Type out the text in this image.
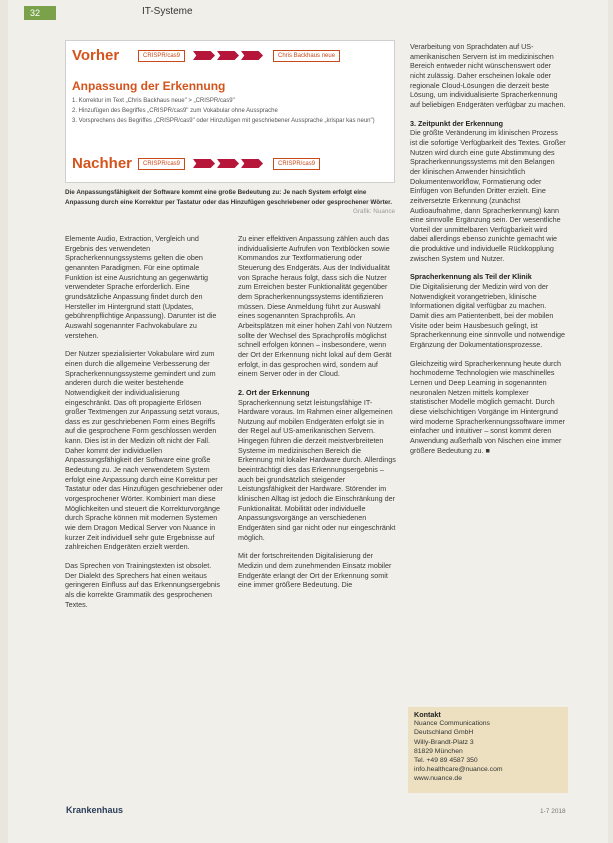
32	IT-Systeme
Vorher	CRISPR/cas9	Chris Backhaus neue
Anpassung der Erkennung
1. Korrektur im Text „Chris Backhaus neue" > „CRISPR/cas9"
2. Hinzufügen des Begriffes „CRISPR/cas9" zum Vokabular ohne Aussprache
3. Vorsprechens des Begriffes „CRISPR/cas9" oder Hinzufügen mit geschriebener Aussprache „krispar kas neun")
Nachher	CRISPR/cas9	CRISPR/cas9
Die Anpassungsfähigkeit der Software kommt eine große Bedeutung zu: Je nach System erfolgt eine Anpassung durch eine Korrektur per Tastatur oder das Hinzufügen geschriebener oder gesprochener Wörter.
Grafik: Nuance

Elemente Audio, Extraction, Vergleich und Ergebnis des verwendeten Spracherkennungssystems gelten die oben genannten Paradigmen. Für eine optimale Funktion ist eine Ausrichtung an gegenwärtig verwendeter Sprache erforderlich. Eine grundsätzliche Anpassung findet durch den Hersteller im Hintergrund statt (Updates, gebührenpflichtige Anpassung). Darunter ist die Auswahl sogenannter Fachvokabulare zu verstehen.

Der Nutzer spezialisierter Vokabulare wird zum einen durch die allgemeine Verbesserung der Spracherkennungssysteme gemindert und zum anderen durch die weiter bestehende Notwendigkeit der individualisierung eingeschränkt. Das oft propagierte Erlösen großer Textmengen zur Anpassung setzt voraus, dass es zur geschriebenen Form eines Begriffs auf die gesprochene Form geschlossen werden kann. Dies ist in der Medizin oft nicht der Fall. Daher kommt der individuellen Anpassungsfähigkeit der Software eine große Bedeutung zu. Je nach verwendetem System erfolgt eine Anpassung durch eine Korrektur per Tastatur oder das Hinzufügen geschriebener oder vorgesprochener Wörter. Kombiniert man diese Möglichkeiten und steuert die Korrekturvorgänge durch Sprache können mit modernen Systemen wie dem Dragon Medical Server von Nuance in kurzer Zeit individuell sehr gute Ergebnisse auf zahlreichen Endgeräten erzielt werden.

Das Sprechen von Trainingstexten ist obsolet. Der Dialekt des Sprechers hat einen weitaus geringeren Einfluss auf das Erkennungsergebnis als die korrekte Grammatik des gesprochenen Textes.

Zu einer effektiven Anpassung zählen auch das individualisierte Aufrufen von Textblöcken sowie Kommandos zur Textformatierung oder Steuerung des Endgeräts. Aus der Individualität von Sprache heraus folgt, dass sich die Nutzer zum Erreichen bester Funktionalität gegenüber dem Spracherkennungssystems identifizieren müssen. Diese Anmeldung führt zur Auswahl eines sogenannten Sprachprofils. An Arbeitsplätzen mit einer hohen Zahl von Nutzern sollte der Wechsel des Sprachprofils möglichst schnell erfolgen können – insbesondere, wenn der Ort der Erkennung nicht lokal auf dem Gerät erfolgt, in das gesprochen wird, sondern auf einem Server oder in der Cloud.

2. Ort der Erkennung

Spracherkennung setzt leistungsfähige IT-Hardware voraus. Im Rahmen einer allgemeinen Nutzung auf mobilen Endgeräten erfolgt sie in der Regel auf US-amerikanischen Servern. Hingegen führen die derzeit meistverbreiteten Systeme im medizinischen Bereich die Erkennung mit lokaler Hardware durch. Allerdings beeinträchtigt dies das Erkennungsergebnis – auch bei grundsätzlich steigender Leistungsfähigkeit der Hardware. Störender im klinischen Alltag ist jedoch die Einschränkung der Funktionalität. Mobilität oder individuelle Anpassungsvorgänge an verschiedenen Endgeräten sind gar nicht oder nur eingeschränkt möglich.

Mit der fortschreitenden Digitalisierung der Medizin und dem zunehmenden Einsatz mobiler Endgeräte erlangt der Ort der Erkennung somit eine immer größere Bedeutung. Die

Verarbeitung von Sprachdaten auf US-amerikanischen Servern ist im medizinischen Bereich entweder nicht wünschenswert oder nicht zulässig. Daher erscheinen lokale oder regionale Cloud-Lösungen die derzeit beste Lösung, um individualisierte Spracherkennung auf beliebigen Endgeräten verfügbar zu machen.

3. Zeitpunkt der Erkennung

Die größte Veränderung im klinischen Prozess ist die sofortige Verfügbarkeit des Textes. Großer Nutzen wird durch eine gute Abstimmung des Spracherkennungssystems mit den Belangen der klinischen Anwender hinsichtlich Dokumentenworkflow, Formatierung oder Einfügen von Befunden Dritter erzielt. Eine zeitversetzte Erkennung (zunächst Audioaufnahme, dann Spracherkennung) kann eine sinnvolle Ergänzung sein. Der wesentliche Vorteil der unmittelbaren Verfügbarkeit wird dabei allerdings ebenso zunichte gemacht wie die produktive und individuelle Rückkopplung zwischen System und Nutzer.

Spracherkennung als Teil der Klinik

Die Digitalisierung der Medizin wird von der Notwendigkeit vorangetrieben, klinische Informationen digital verfügbar zu machen. Damit dies am Patientenbett, bei der mobilen Visite oder beim Hausbesuch gelingt, ist Spracherkennung eine sinnvolle und notwendige Ergänzung der Dokumentationsprozesse.

Gleichzeitig wird Spracherkennung heute durch hochmoderne Technologien wie maschinelles Lernen und Deep Learning in sogenannten neuronalen Netzen mittels komplexer statistischer Modelle möglich gemacht. Durch diese vielschichtigen Vorgänge im Hintergrund wird moderne Spracherkennungssoftware immer einfacher und intuitiver – sonst kommt deren Anwendung außerhalb von Nischen eine immer größere Bedeutung zu. ■

Kontakt
Nuance Communications
Deutschland GmbH
Willy-Brandt-Platz 3
81829 München
Tel. +49 89 4587 350
info.healthcare@nuance.com
www.nuance.de
Krankenhaus	1-7 2018
